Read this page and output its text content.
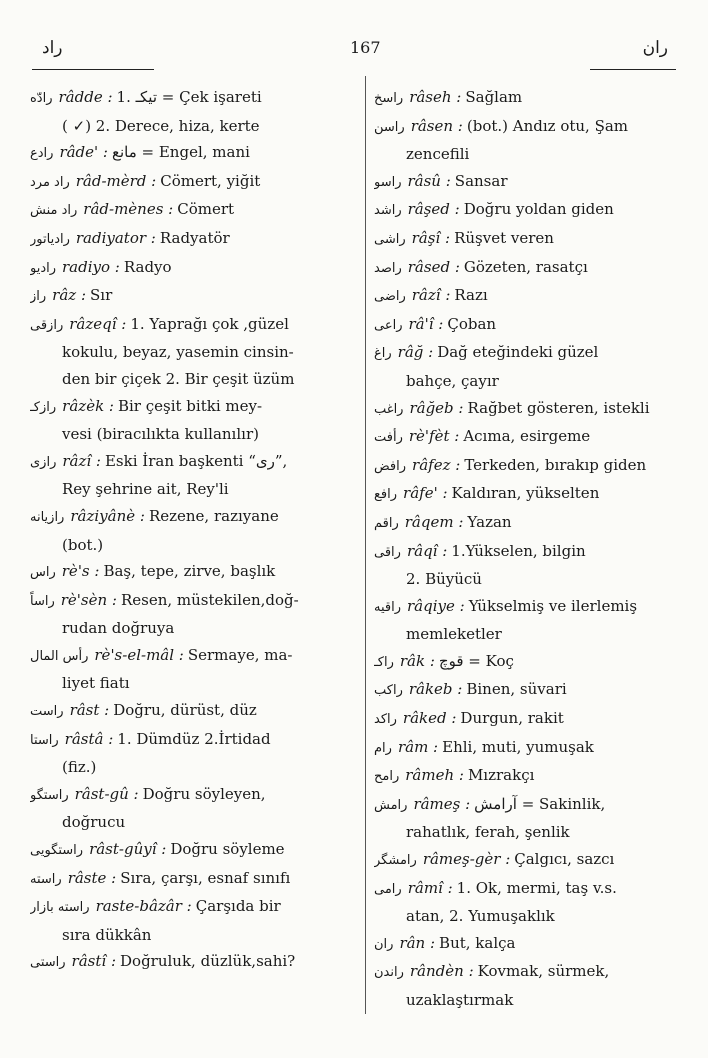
راد	167	ران
رادّه râdde : 1. تيكـ = Çek işareti
( ✓) 2. Derece, hiza, kerte
رادع râde' : مانع = Engel, mani
راد مرد râd-mèrd : Cömert, yiğit
راد منش râd-mènes : Cömert
رادياتور radiyator : Radyatör
راديو radiyo : Radyo
راز râz : Sır
رازقى râzeqî : 1. Yaprağı çok ,güzel
kokulu, beyaz, yasemin cinsin-
den bir çiçek 2. Bir çeşit üzüm
رازكـ râzèk : Bir çeşit bitki mey-
vesi (biracılıkta kullanılır)
رازى râzî : Eski İran başkenti “رى”,
Rey şehrine ait, Rey'li
رازيانه râziyânè : Rezene, razıyane
(bot.)
راس rè's : Baş, tepe, zirve, başlık
راساً rè'sèn : Resen, müstekilen,doğ-
rudan doğruya
رأس المال rè's-el-mâl : Sermaye, ma-
liyet fiatı
راست râst : Doğru, dürüst, düz
راستا râstâ : 1. Dümdüz 2.İrtidad
(fiz.)
راستگو râst-gû : Doğru söyleyen,
doğrucu
راستگويى râst-gûyî : Doğru söyleme
راسته râste : Sıra, çarşı, esnaf sınıfı
راسته بازار raste-bâzâr : Çarşıda bir
sıra dükkân
راستى râstî : Doğruluk, düzlük,sahi?
راسخ râseh : Sağlam
راسن râsen : (bot.) Andız otu, Şam
zencefili
راسو râsû : Sansar
راشد râşed : Doğru yoldan giden
راشى râşî : Rüşvet veren
راصد râsed : Gözeten, rasatçı
راضى râzî : Razı
راعى râ'î : Çoban
راغ râğ : Dağ eteğindeki güzel
bahçe, çayır
راغب râğeb : Rağbet gösteren, istekli
رأفت rè'fèt : Acıma, esirgeme
رافض râfez : Terkeden, bırakıp giden
رافع râfe' : Kaldıran, yükselten
راقم râqem : Yazan
راقى râqî : 1.Yükselen, bilgin
2. Büyücü
راقيه râqiye : Yükselmiş ve ilerlemiş
memleketler
راكـ râk : قوچ = Koç
راكب râkeb : Binen, süvari
راكد râked : Durgun, rakit
رام râm : Ehli, muti, yumuşak
رامح râmeh : Mızrakçı
رامش râmeş : آرامش = Sakinlik,
rahatlık, ferah, şenlik
رامشگر râmeş-gèr : Çalgıcı, sazcı
رامى râmî : 1. Ok, mermi, taş v.s.
atan, 2. Yumuşaklık
ران rân : But, kalça
راندن rândèn : Kovmak, sürmek,
uzaklaştırmak
